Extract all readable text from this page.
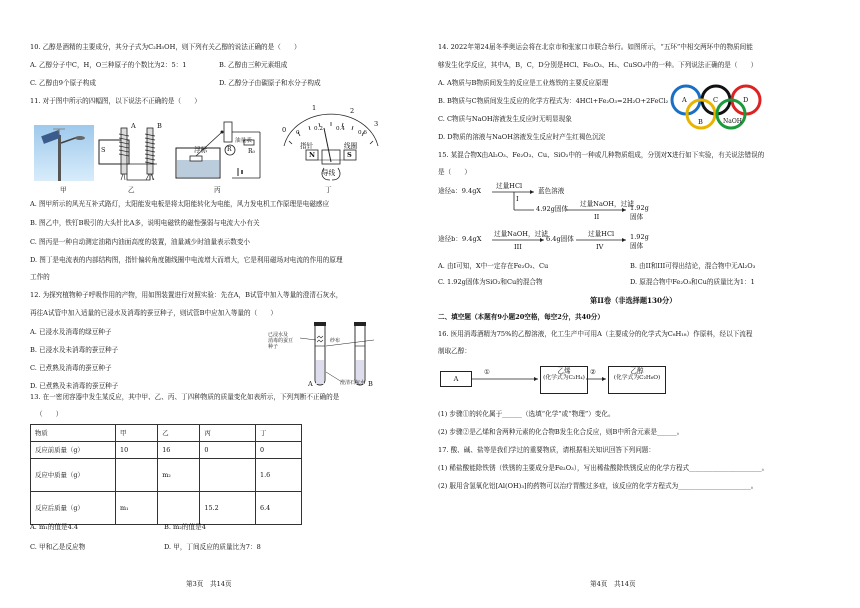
10. 乙醇是酒精的主要成分，其分子式为C₂H₅OH，则下列有关乙醇的说法正确的是（　　）
A. 乙醇分子中C，H，O三种原子的个数比为2：5：1	B. 乙醇由三种元素组成
C. 乙醇由9个原子构成	D. 乙醇分子由碳原子和水分子构成
11. 对于图中所示的四幅图，以下说法不正确的是（　　）
甲
S
A	B
乙
浮标
油量表
R	R₀
丙
1	2
3
0 0
0.2 0.4
0.6
指针	线圈
N	S
导线
丁
A. 图甲所示的风光互补式路灯，太阳能发电板是将太阳能转化为电能，风力发电机工作原理是电磁感应
B. 图乙中，铁钉B吸引的大头针比A多，说明电磁铁的磁性强弱与电流大小有关
C. 图丙是一种自动测定油箱内油面高度的装置，油量减少时油量表示数变小
D. 图丁是电流表的内部结构图，指针偏转角度随线圈中电流增大而增大，它是利用磁场对电流的作用的原理
工作的
12. 为探究植物种子呼吸作用的产物，用如图装置进行对照实验：先在A，B试管中加入等量的澄清石灰水，
再往A试管中加入适量的已浸水及消毒的蚕豆种子，则试管B中应加入等量的（　　）
A. 已浸水及消毒的绿豆种子
B. 已浸水及未消毒的蚕豆种子
C. 已煮熟及消毒的蚕豆种子
D. 已煮熟及未消毒的蚕豆种子
已浸水及
消毒的蚕豆
种子
纱布
澄清石灰水
A	B
13. 在一密闭容器中发生某反应，其中甲、乙、丙、丁四种物质的质量变化如表所示，下列判断不正确的是
（　　）
物质	甲	乙	丙	丁
反应前质量（g）	10	16	0	0
反应中质量（g）		m₂		1.6
反应后质量（g）	m₁		15.2	6.4
A. m₁的值是4.4	B. m₂的值是4
C. 甲和乙是反应物	D. 甲，丁间反应的质量比为7：8
第3页　共14页
14. 2022年第24届冬季奥运会将在北京市和张家口市联合举行。如图所示，“五环”中相交两环中的物质间能
够发生化学反应，其中A，B，C，D分别是HCl、Fe₂O₃、H₂、CuSO₄中的一种。下列说法正确的是（　　）
A. A物质与B物质间发生的反应是工业炼铁的主要反应原理
B. B物质与C物质间发生反应的化学方程式为：4HCl+Fe₂O₃=2H₂O+2FeCl₂
C. C物质与NaOH溶液发生反应时无明显现象
D. D物质的溶液与NaOH溶液发生反应时产生红褐色沉淀
A
B
C	D
NaOH
15. 某混合物X由Al₂O₃、Fe₂O₃、Cu、SiO₂中的一种或几种物质组成，分别对X进行如下实验，有关说法错误的
是（　　）
途径a：9.4gX
过量HCl
I
蓝色溶液
4.92g固体
过量NaOH，过滤
II
1.92g
固体
途径b：9.4gX
过量NaOH，过滤
III
6.4g固体
过量HCl
IV
1.92g
固体
A. 由I可知，X中一定存在Fe₂O₃、Cu	B. 由II和III可得出结论，混合物中无Al₂O₃
C. 1.92g固体为SiO₂和Cu的混合物	D. 原混合物中Fe₂O₃和Cu的质量比为1：1
第II卷（非选择题130分）
二、填空题（本题有9小题20空格，每空2分，共40分）
16. 医用消毒酒精为75%的乙醇溶液，化工生产中可用A（主要成分的化学式为C₈H₁₈）作原料，经以下流程
制取乙醇：
A
①	乙烯
(化学式为C₂H₄)
②	乙醇
(化学式为C₂H₆O)
(1) 步骤①的转化属于______（选填“化学”或“物理”）变化。
(2) 步骤②是乙烯和含两种元素的化合物B发生化合反应，则B中所含元素是______。
17. 酸、碱、盐等是我们学过的重要物质，请根据相关知识回答下列问题：
(1) 稀盐酸能除铁锈（铁锈的主要成分是Fe₂O₃），写出稀盐酸除铁锈反应的化学方程式______________________。
(2) 服用含氢氧化铝[Al(OH)₃]的药物可以治疗胃酸过多症，该反应的化学方程式为______________________。
第4页　共14页
